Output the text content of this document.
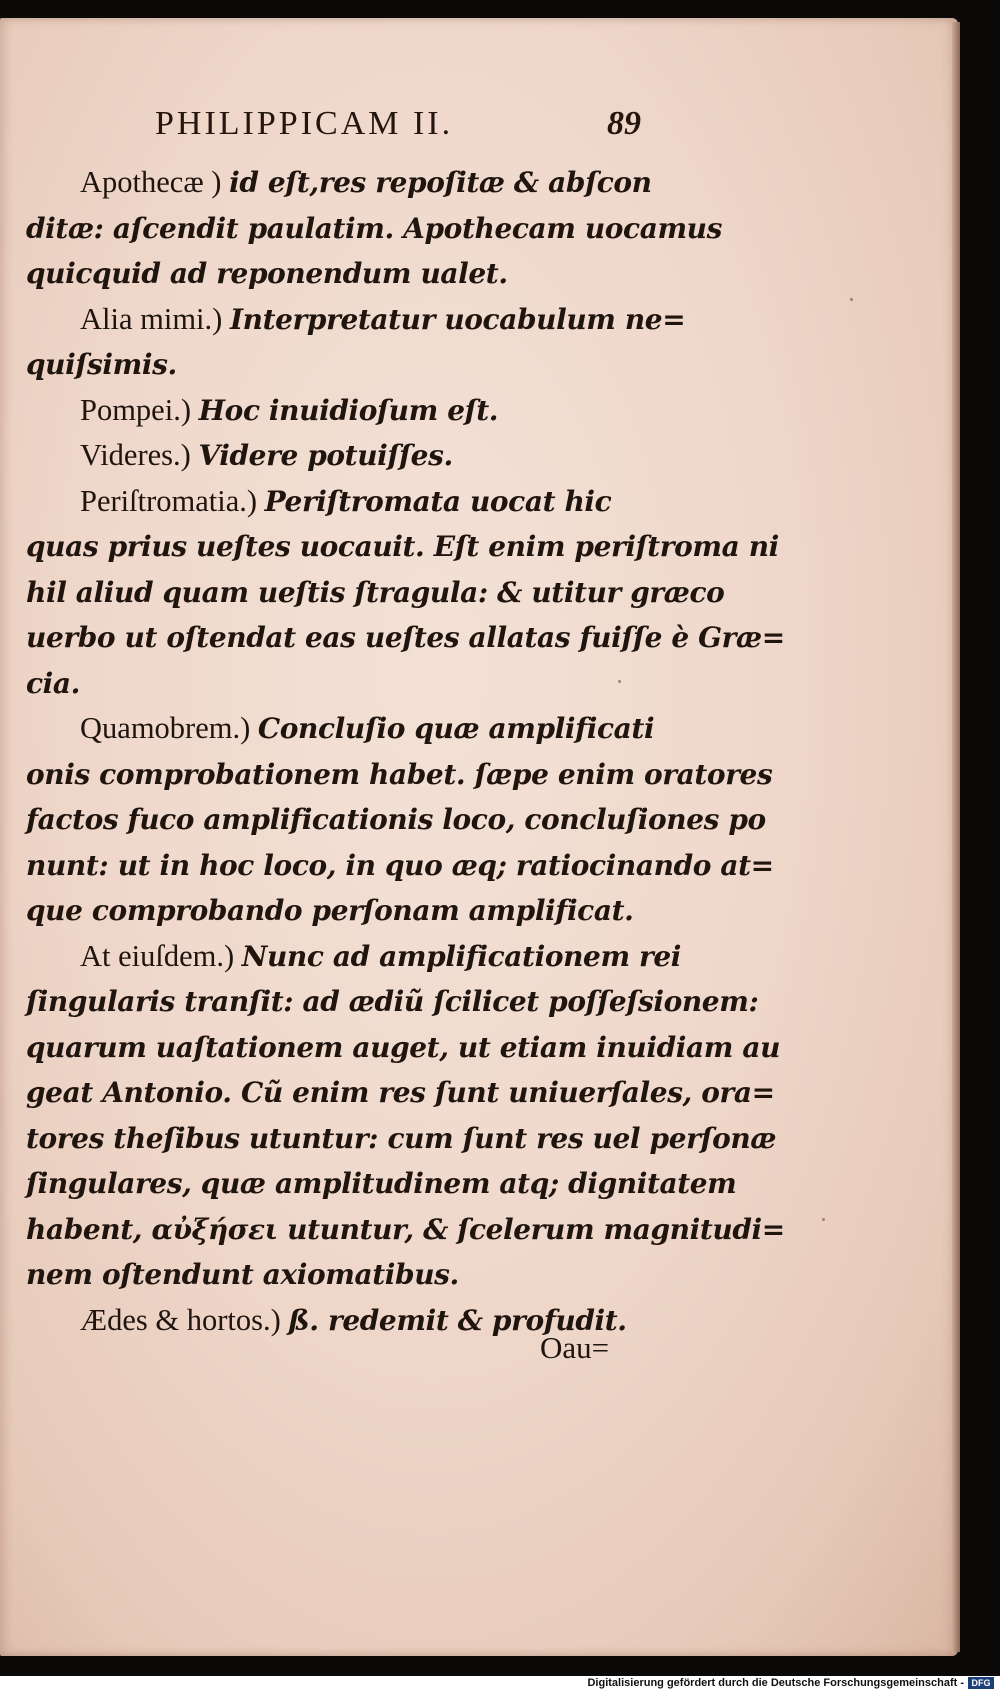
PHILIPPICAM II.	89
Apothecæ ) id eſt,res repoſitæ & abſcon
ditæ: aſcendit paulatim. Apothecam uocamus
quicquid ad reponendum ualet.
Alia mimi.) Interpretatur uocabulum ne=
quiſsimis.
Pompei.) Hoc inuidioſum eſt.
Videres.) Videre potuiſſes.
Periſtromatia.) Periſtromata uocat hic
quas prius ueſtes uocauit. Eſt enim periſtroma ni
hil aliud quam ueſtis ſtragula: & utitur græco
uerbo ut oſtendat eas ueſtes allatas fuiſſe è Græ=
cia.
Quamobrem.) Concluſio quæ amplificati
onis comprobationem habet. ſæpe enim oratores
factos fuco amplificationis loco, concluſiones po
nunt: ut in hoc loco, in quo æq; ratiocinando at=
que comprobando perſonam amplificat.
At eiuſdem.) Nunc ad amplificationem rei
ſingularis tranſit: ad ædiũ ſcilicet poſſeſsionem:
quarum uaſtationem auget, ut etiam inuidiam au
geat Antonio. Cũ enim res ſunt uniuerſales, ora=
tores theſibus utuntur: cum ſunt res uel perſonæ
ſingulares, quæ amplitudinem atq; dignitatem
habent, αὐξήσει utuntur, & ſcelerum magnitudi=
nem oſtendunt axiomatibus.
Ædes & hortos.) ß. redemit & profudit.
Oau=
Digitalisierung gefördert durch die Deutsche Forschungsgemeinschaft - DFG
